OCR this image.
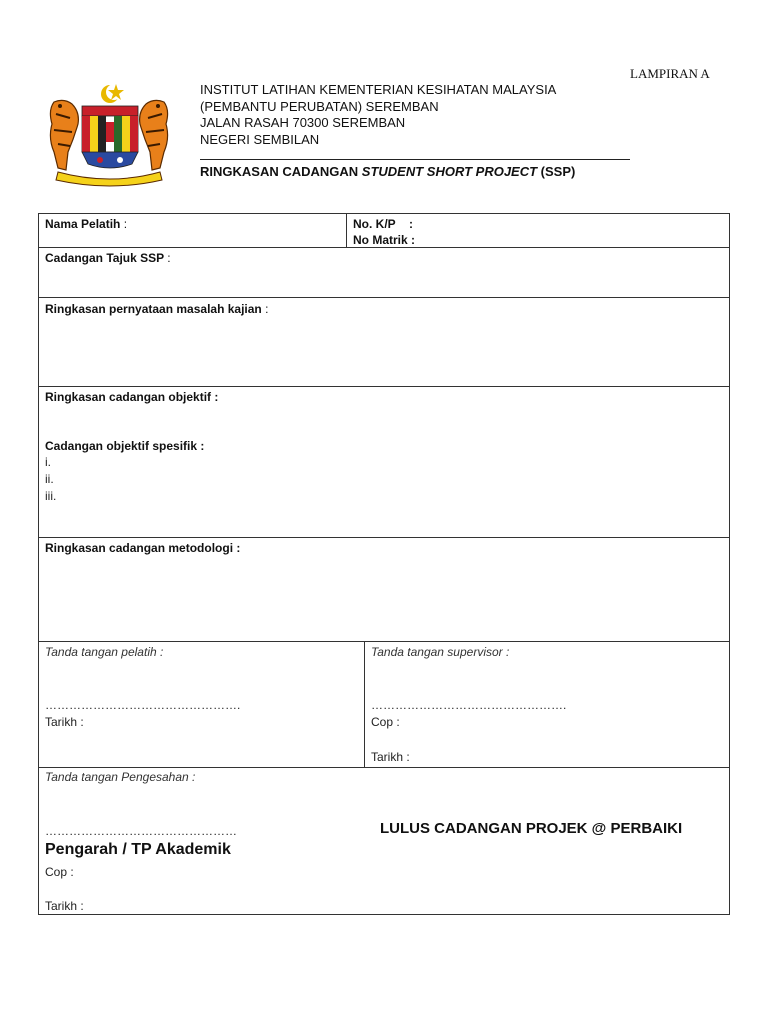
LAMPIRAN A
INSTITUT LATIHAN KEMENTERIAN KESIHATAN MALAYSIA
(PEMBANTU PERUBATAN) SEREMBAN
JALAN RASAH 70300 SEREMBAN
NEGERI SEMBILAN
RINGKASAN CADANGAN STUDENT SHORT PROJECT (SSP)
Nama Pelatih :	No. K/P :
No Matrik :
Cadangan Tajuk SSP :
Ringkasan pernyataan masalah kajian :
Ringkasan cadangan objektif :
Cadangan objektif spesifik :
i.
ii.
iii.
Ringkasan cadangan metodologi :
Tanda tangan pelatih :
………………………………………….
Tarikh :
Tanda tangan supervisor :
………………………………………….
Cop :
Tarikh :
Tanda tangan Pengesahan :
…………………………………………
Pengarah / TP Akademik
Cop :
Tarikh :
LULUS CADANGAN PROJEK @ PERBAIKI
